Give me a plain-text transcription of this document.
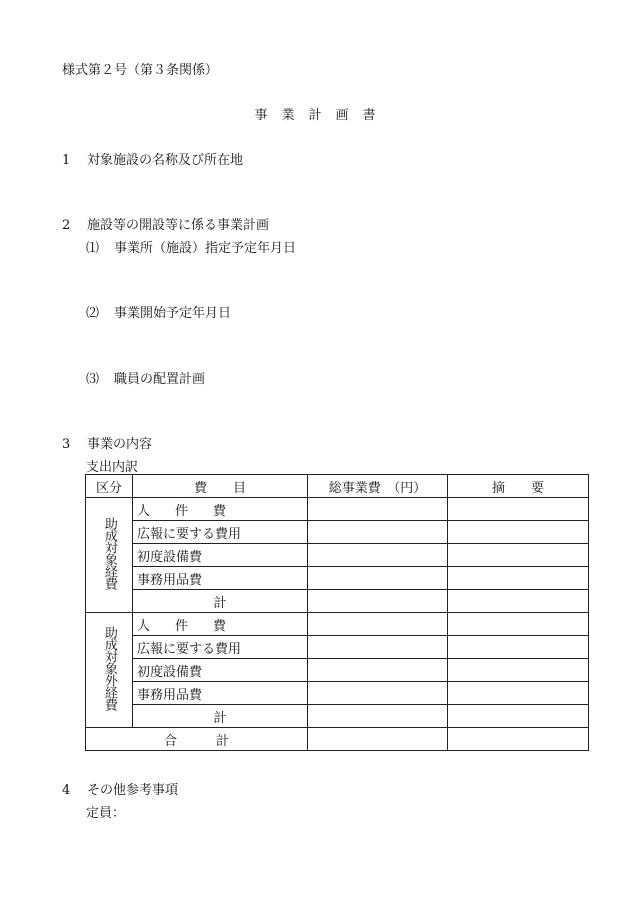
様式第２号（第３条関係）
事業計画書
1 対象施設の名称及び所在地
2 施設等の開設等に係る事業計画
⑴ 事業所（施設）指定予定年月日
⑵ 事業開始予定年月日
⑶ 職員の配置計画
3 事業の内容
支出内訳
区分	費　　目	総事業費　（円）	摘　　要
助成対象経費	人　件　費		
	広報に要する費用		
	初度設備費		
	事務用品費		
	計		
助成対象外経費	人　件　費		
	広報に要する費用		
	初度設備費		
	事務用品費		
	計		
合　　　計			
4 その他参考事項
定員：
